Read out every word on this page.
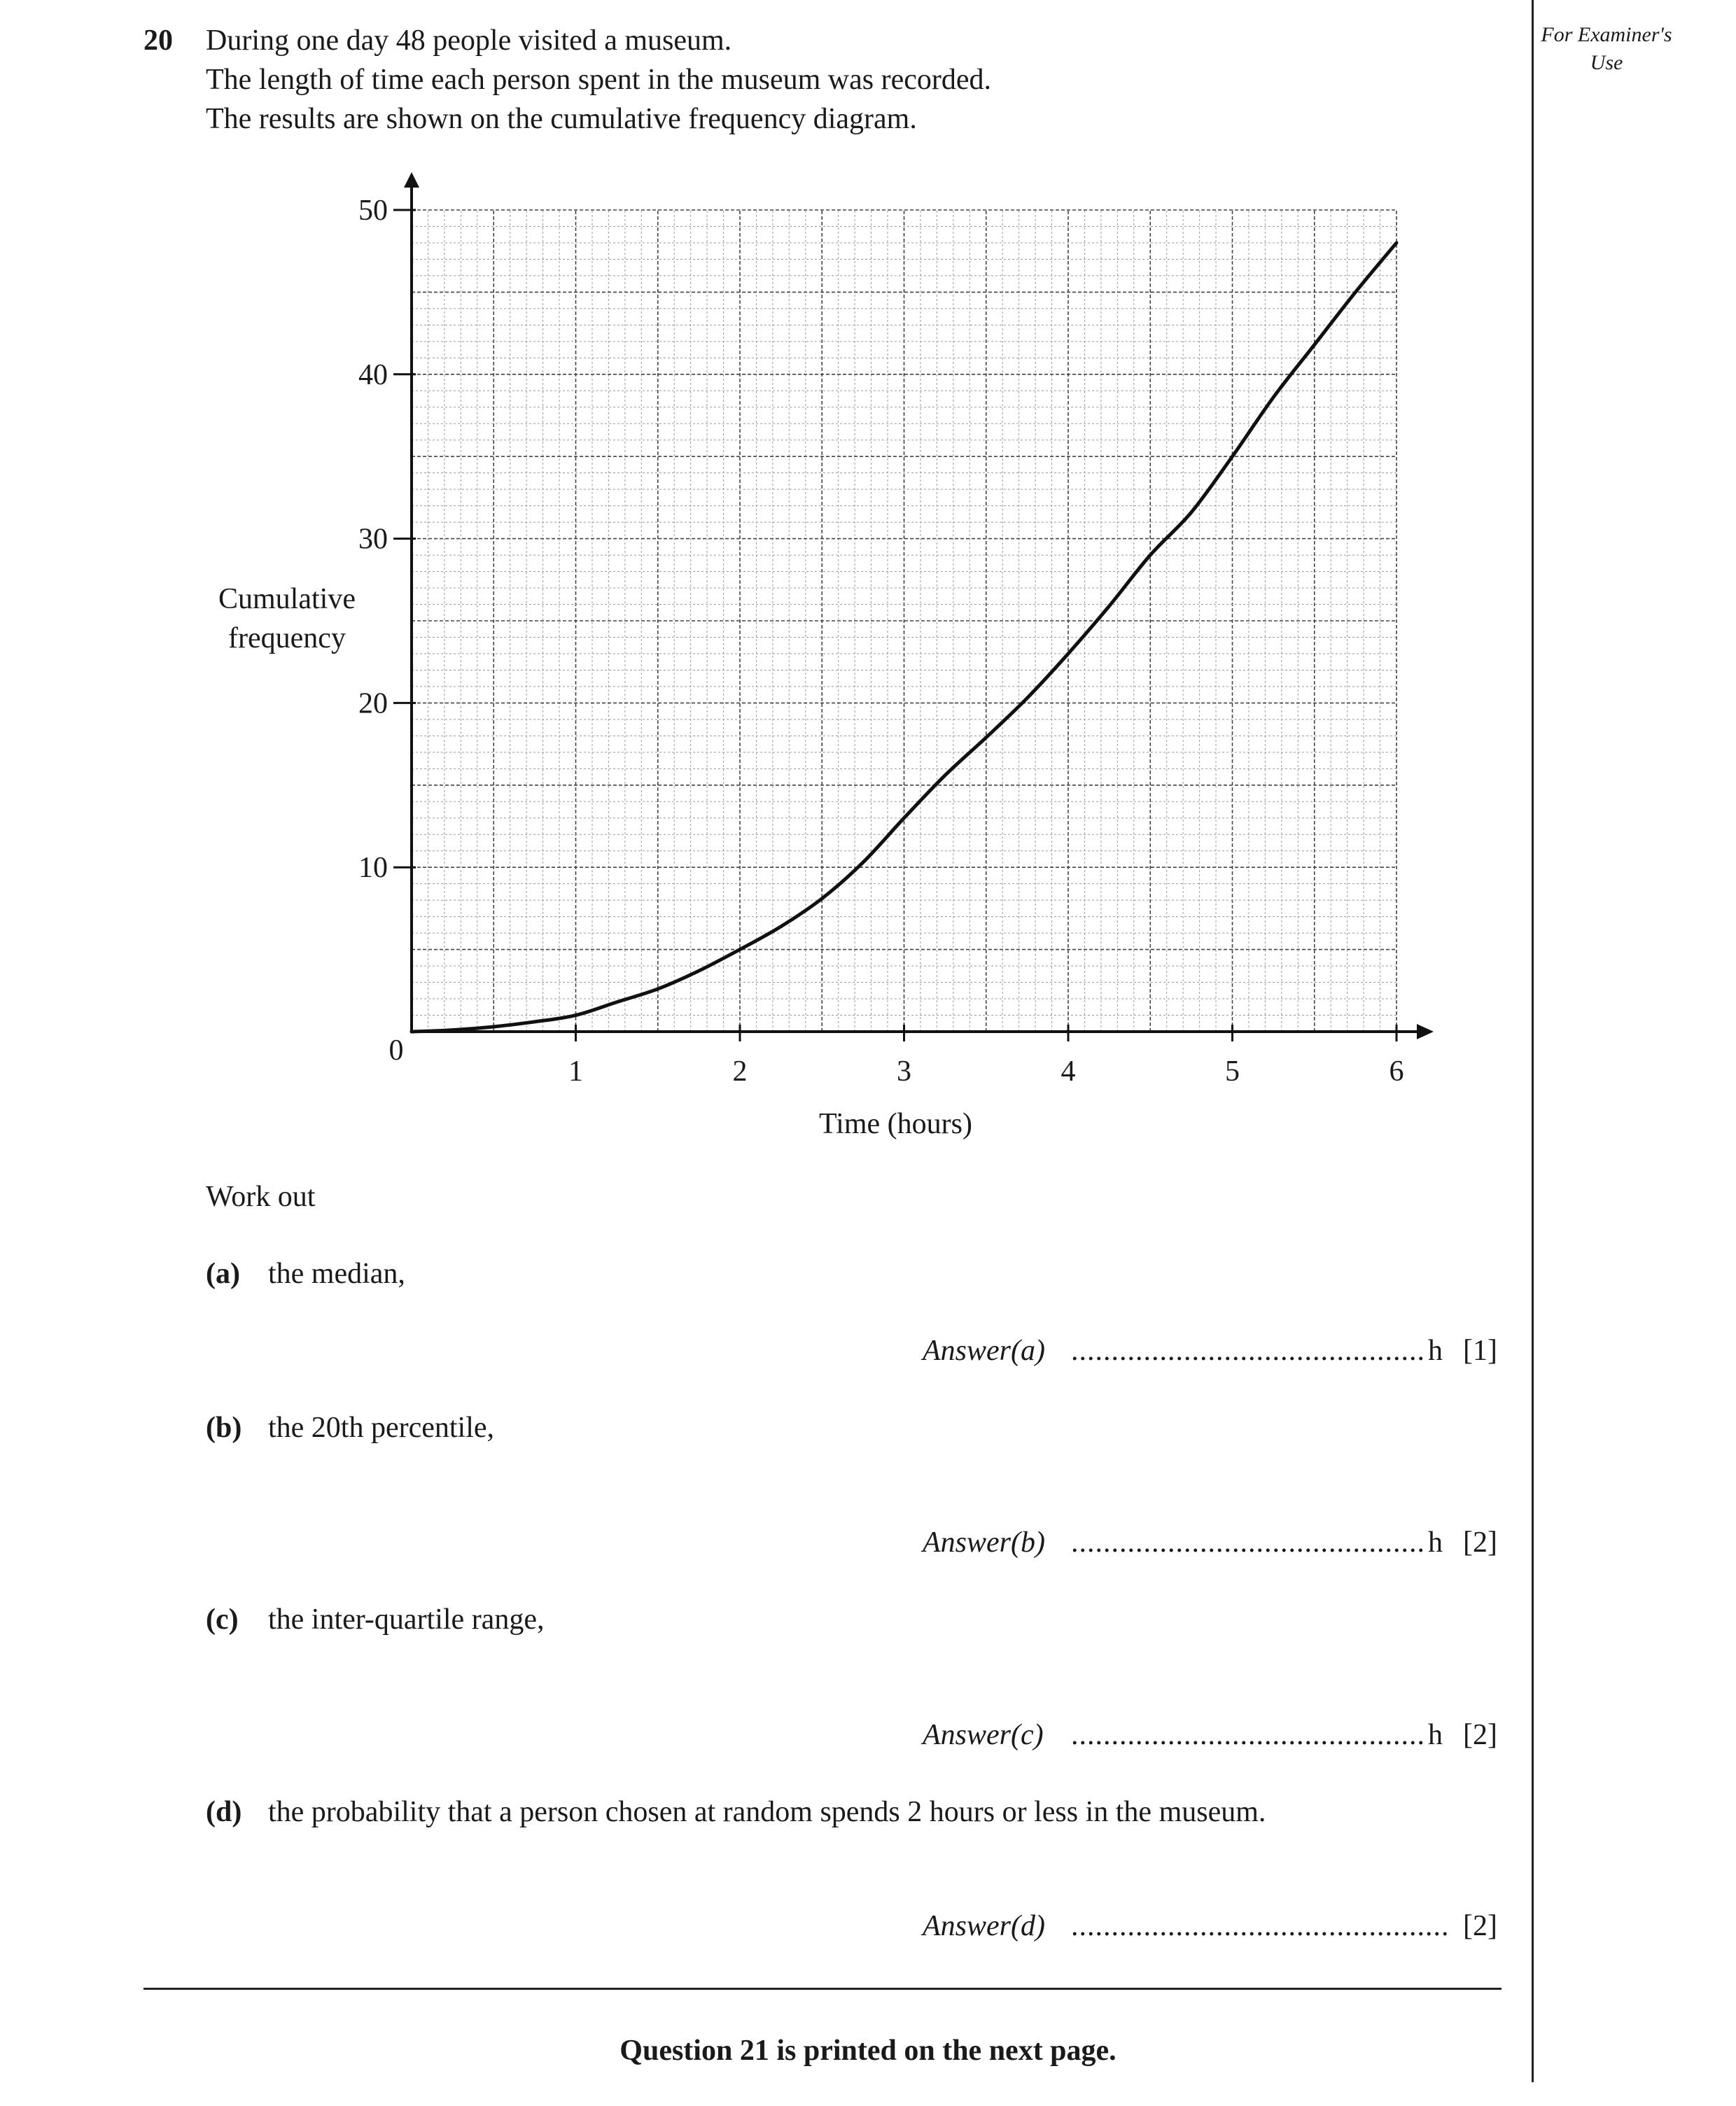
20 During one day 48 people visited a museum.
The length of time each person spent in the museum was recorded.
The results are shown on the cumulative frequency diagram.
For Examiner's Use
0
1	2	3	4	5	6
10
20
30
40
50
Cumulative
frequency
Time (hours)
Work out
(a) the median,
Answer(a) ............................................ h [1]
(b) the 20th percentile,
Answer(b) ............................................ h [2]
(c) the inter-quartile range,
Answer(c) ............................................ h [2]
(d) the probability that a person chosen at random spends 2 hours or less in the museum.
Answer(d) ............................................... [2]
Question 21 is printed on the next page.
